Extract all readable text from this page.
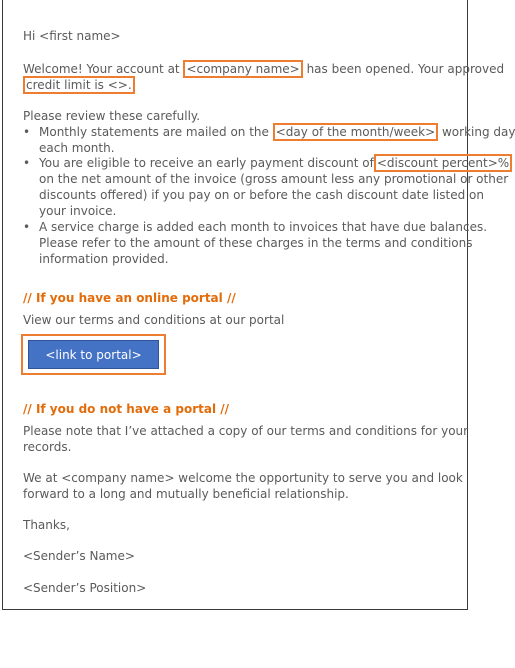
Hi <first name>

Welcome! Your account at <company name> has been opened. Your approved

credit limit is <>.

Please review these carefully.

• Monthly statements are mailed on the <day of the month/week> working day

each month.

• You are eligible to receive an early payment discount of <discount percent>%

on the net amount of the invoice (gross amount less any promotional or other

discounts offered) if you pay on or before the cash discount date listed on

your invoice.

• A service charge is added each month to invoices that have due balances.

Please refer to the amount of these charges in the terms and conditions

information provided.

// If you have an online portal //

View our terms and conditions at our portal

<link to portal>

// If you do not have a portal //

Please note that I’ve attached a copy of our terms and conditions for your

records.

We at <company name> welcome the opportunity to serve you and look

forward to a long and mutually beneficial relationship.

Thanks,

<Sender’s Name>

<Sender’s Position>
